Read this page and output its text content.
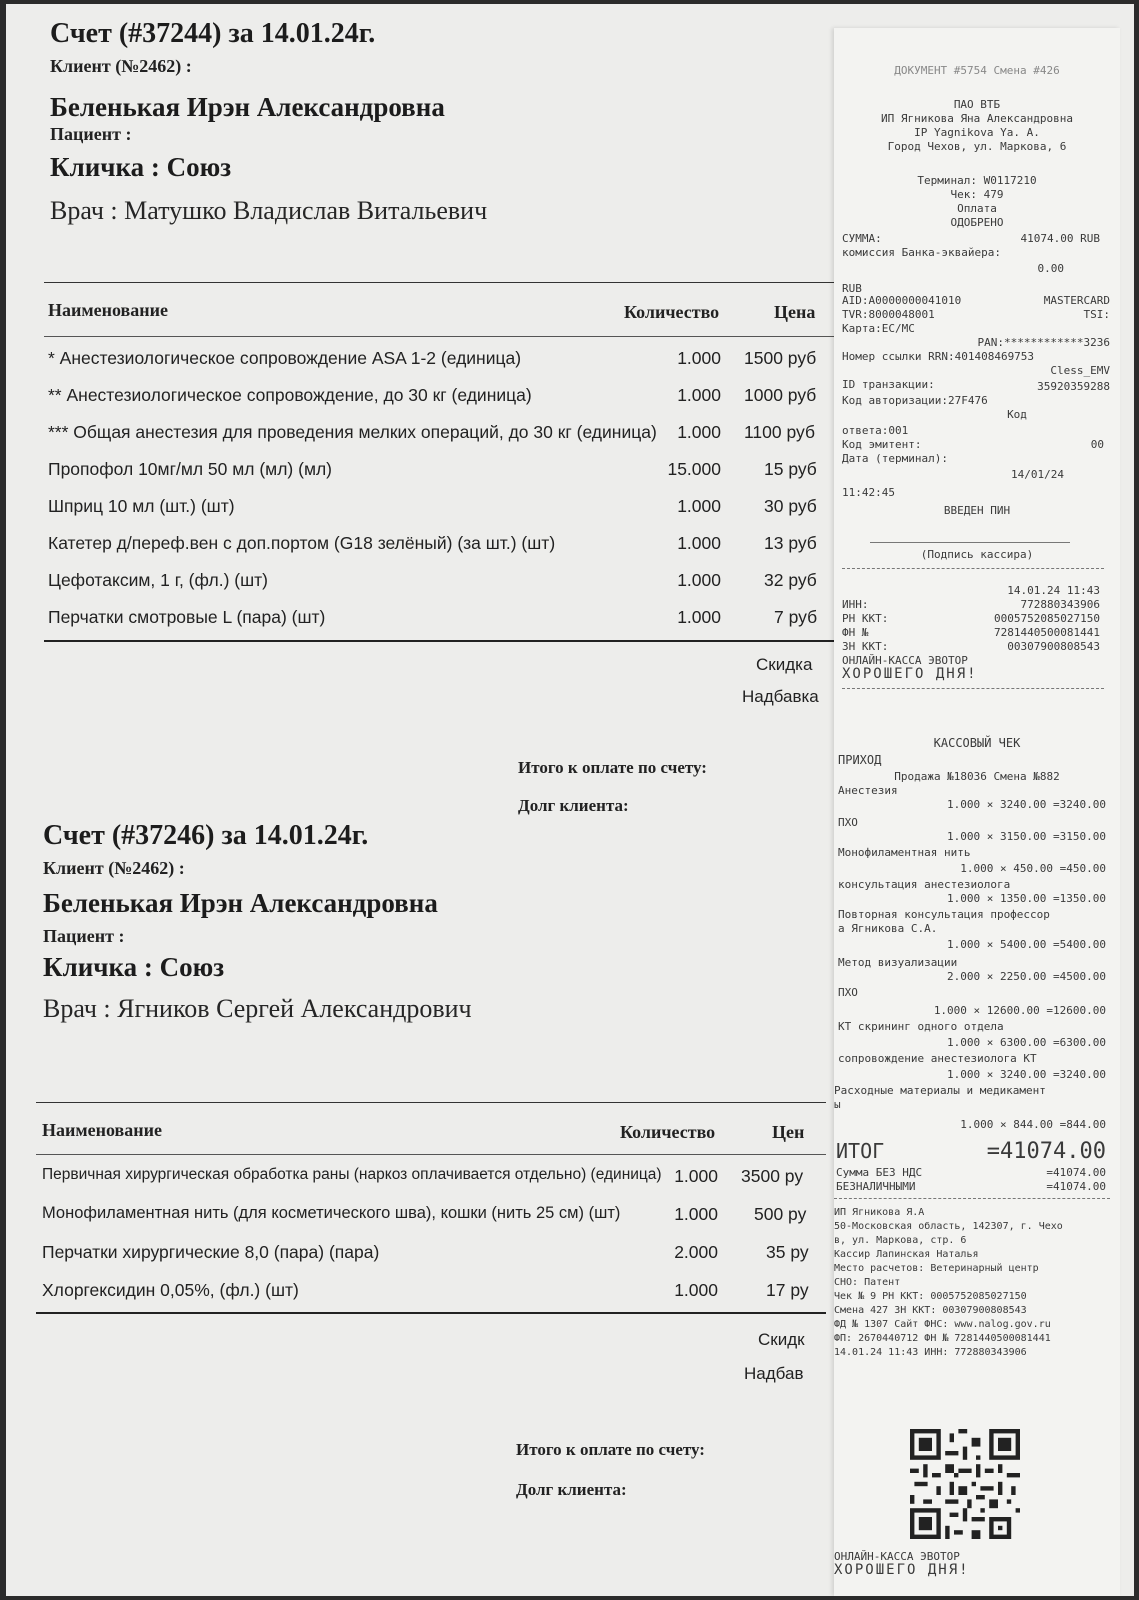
Счет (#37244) за 14.01.24г.
Клиент (№2462) :
Беленькая Ирэн Александровна
Пациент :
Кличка : Союз
Врач : Матушко Владислав Витальевич
Наименование	Количество	Цена
* Анестезиологическое сопровождение ASA 1-2 (единица)	1.000 1500 руб
** Анестезиологическое сопровождение, до 30 кг (единица)	1.000 1000 руб
*** Общая анестезия для проведения мелких операций, до 30 кг (единица)	1.000 1100 руб
Пропофол 10мг/мл 50 мл (мл) (мл)	15.000 15 руб
Шприц 10 мл (шт.) (шт)	1.000 30 руб
Катетер д/переф.вен с доп.портом (G18 зелёный) (за шт.) (шт)	1.000 13 руб
Цефотаксим, 1 г, (фл.) (шт)	1.000 32 руб
Перчатки смотровые L (пара) (шт)	1.000	7 руб
Скидка
Надбавка
Итого к оплате по счету:
Долг клиента:
Счет (#37246) за 14.01.24г.
Клиент (№2462) :
Беленькая Ирэн Александровна
Пациент :
Кличка : Союз
Врач : Ягников Сергей Александрович
Наименование	Количество	Цен
Первичная хирургическая обработка раны (наркоз оплачивается отдельно) (единица) 1.000 3500 ру
Монофиламентная нить (для косметического шва), кошки (нить 25 см) (шт)	1.000 500 ру
Перчатки хирургические 8,0 (пара) (пара)	2.000	35 ру
Хлоргексидин 0,05%, (фл.) (шт)	1.000	17 ру
Скидк
Надбав
Итого к оплате по счету:
Долг клиента:
ДОКУМЕНТ #5754 Смена #426
ПАО ВТБ
ИП Ягникова Яна Александровна
IP Yagnikova Ya. A.
Город Чехов, ул. Маркова, 6
Терминал: W0117210
Чек: 479
Оплата
ОДОБРЕНО
СУММА:	41074.00 RUB
комиссия Банка-эквайера:
0.00
RUB
AID:A0000000041010	MASTERCARD
TVR:8000048001	TSI:
Карта:EC/MC
PAN:************3236
Номер ссылки RRN:401408469753
Cless_EMV
ID транзакции:	35920359288
Код авторизации:27F476
Код
ответа:001
Код эмитент:	00
Дата (терминал):
14/01/24
11:42:45
ВВЕДЕН ПИН
(Подпись кассира)
14.01.24 11:43
ИНН:	772880343906
РН ККТ:	0005752085027150
ФН №	7281440500081441
ЗН ККТ:	00307900808543
ОНЛАЙН-КАССА ЭВОТОР
ХОРОШЕГО ДНЯ!
КАССОВЫЙ ЧЕК
ПРИХОД
Продажа №18036 Смена №882
Анестезия
1.000 × 3240.00 =3240.00
ПХО
1.000 × 3150.00 =3150.00
Монофиламентная нить
1.000 × 450.00 =450.00
консультация анестезиолога
1.000 × 1350.00 =1350.00
Повторная консультация профессор
а Ягникова С.А.
1.000 × 5400.00 =5400.00
Метод визуализации
2.000 × 2250.00 =4500.00
ПХО
1.000 × 12600.00 =12600.00
КТ скрининг одного отдела
1.000 × 6300.00 =6300.00
сопровождение анестезиолога КТ
1.000 × 3240.00 =3240.00
Расходные материалы и медикамент
ы
1.000 × 844.00 =844.00
ИТОГ	=41074.00
Сумма БЕЗ НДС	=41074.00
БЕЗНАЛИЧНЫМИ	=41074.00
ИП Ягникова Я.А
50-Московская область, 142307, г. Чехо
в, ул. Маркова, стр. 6
Кассир Лапинская Наталья
Место расчетов: Ветеринарный центр
СНО: Патент
Чек № 9 РН ККТ: 0005752085027150
Смена 427 ЗН ККТ: 00307900808543
ФД № 1307 Сайт ФНС: www.nalog.gov.ru
ФП: 2670440712 ФН № 7281440500081441
14.01.24 11:43 ИНН: 772880343906
ОНЛАЙН-КАССА ЭВОТОР
ХОРОШЕГО ДНЯ!
